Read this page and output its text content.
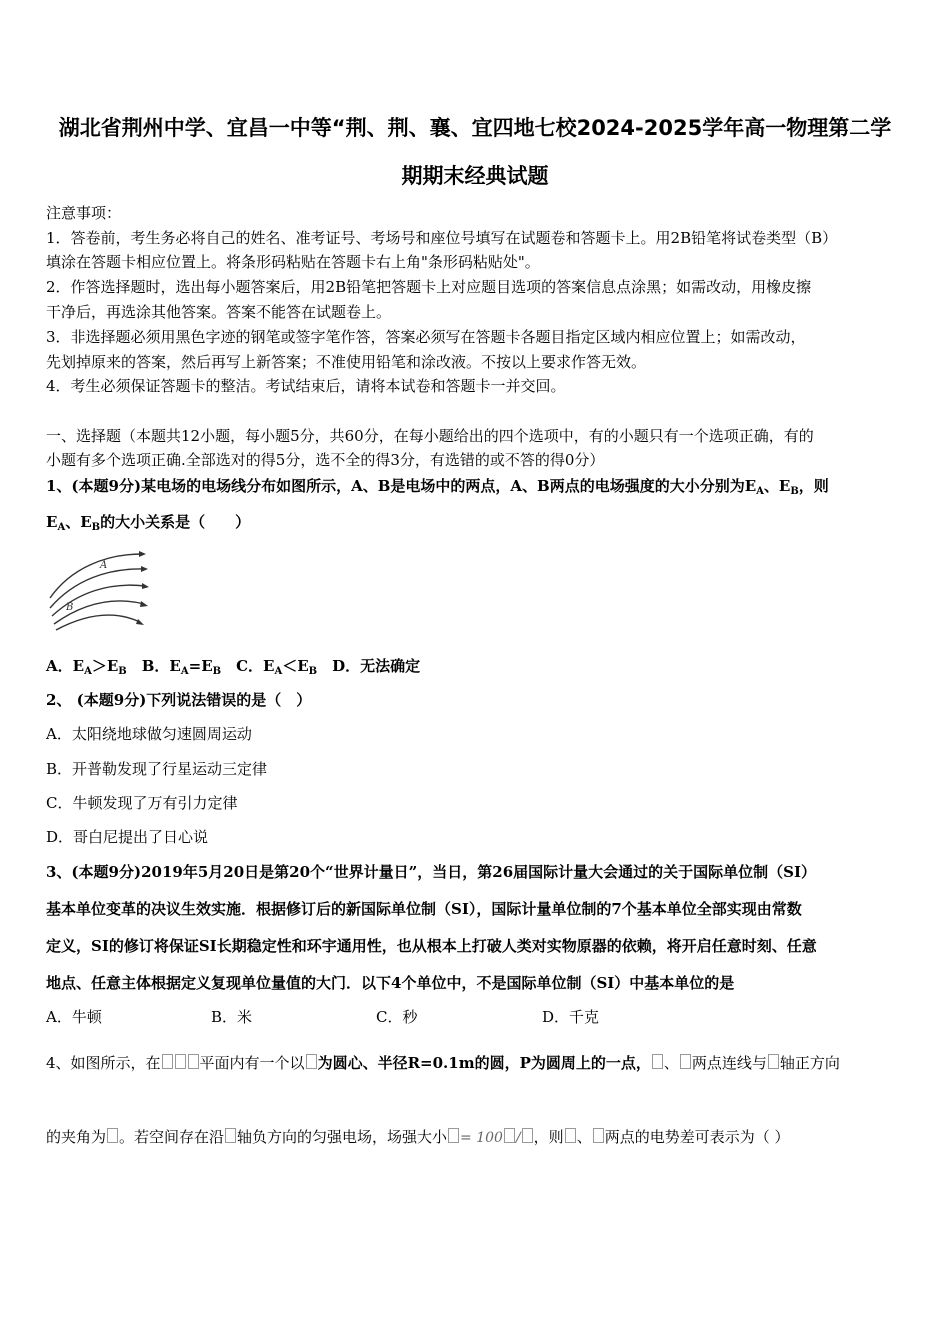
湖北省荆州中学、宜昌一中等“荆、荆、襄、宜四地七校2024-2025学年高一物理第二学
期期末经典试题
注意事项：
1．答卷前，考生务必将自己的姓名、准考证号、考场号和座位号填写在试题卷和答题卡上。用2B铅笔将试卷类型（B）
填涂在答题卡相应位置上。将条形码粘贴在答题卡右上角"条形码粘贴处"。
2．作答选择题时，选出每小题答案后，用2B铅笔把答题卡上对应题目选项的答案信息点涂黑；如需改动，用橡皮擦
干净后，再选涂其他答案。答案不能答在试题卷上。
3．非选择题必须用黑色字迹的钢笔或签字笔作答，答案必须写在答题卡各题目指定区域内相应位置上；如需改动，
先划掉原来的答案，然后再写上新答案；不准使用铅笔和涂改液。不按以上要求作答无效。
4．考生必须保证答题卡的整洁。考试结束后，请将本试卷和答题卡一并交回。
一、选择题（本题共12小题，每小题5分，共60分，在每小题给出的四个选项中，有的小题只有一个选项正确，有的
小题有多个选项正确.全部选对的得5分，选不全的得3分，有选错的或不答的得0分）
1、(本题9分)某电场的电场线分布如图所示，A、B是电场中的两点，A、B两点的电场强度的大小分别为$E_A$、$E_B$，则
$E_A$、$E_B$的大小关系是（　　）
A
B
A．$E_A>E_B$　B．$E_A=E_B$　C．$E_A<E_B$　D．无法确定
2、 (本题9分)下列说法错误的是（　）
A．太阳绕地球做匀速圆周运动
B．开普勒发现了行星运动三定律
C．牛顿发现了万有引力定律
D．哥白尼提出了日心说
3、(本题9分)2019年5月20日是第20个“世界计量日”，当日，第26届国际计量大会通过的关于国际单位制（SI）
基本单位变革的决议生效实施．根据修订后的新国际单位制（SI），国际计量单位制的7个基本单位全部实现由常数
定义，SI的修订将保证SI长期稳定性和环宇通用性，也从根本上打破人类对实物原器的依赖，将开启任意时刻、任意
地点、任意主体根据定义复现单位量值的大门．以下4个单位中，不是国际单位制（SI）中基本单位的是
A．牛顿	B．米	C．秒	D．千克
4、如图所示，在	平面内有一个以 为圆心、半径R=0.1m的圆，P为圆周上的一点， 、 两点连线与 轴正方向
的夹角为 。若空间存在沿 轴负方向的匀强电场，场强大小 = 100 / ，则 、 两点的电势差可表示为（ ）
